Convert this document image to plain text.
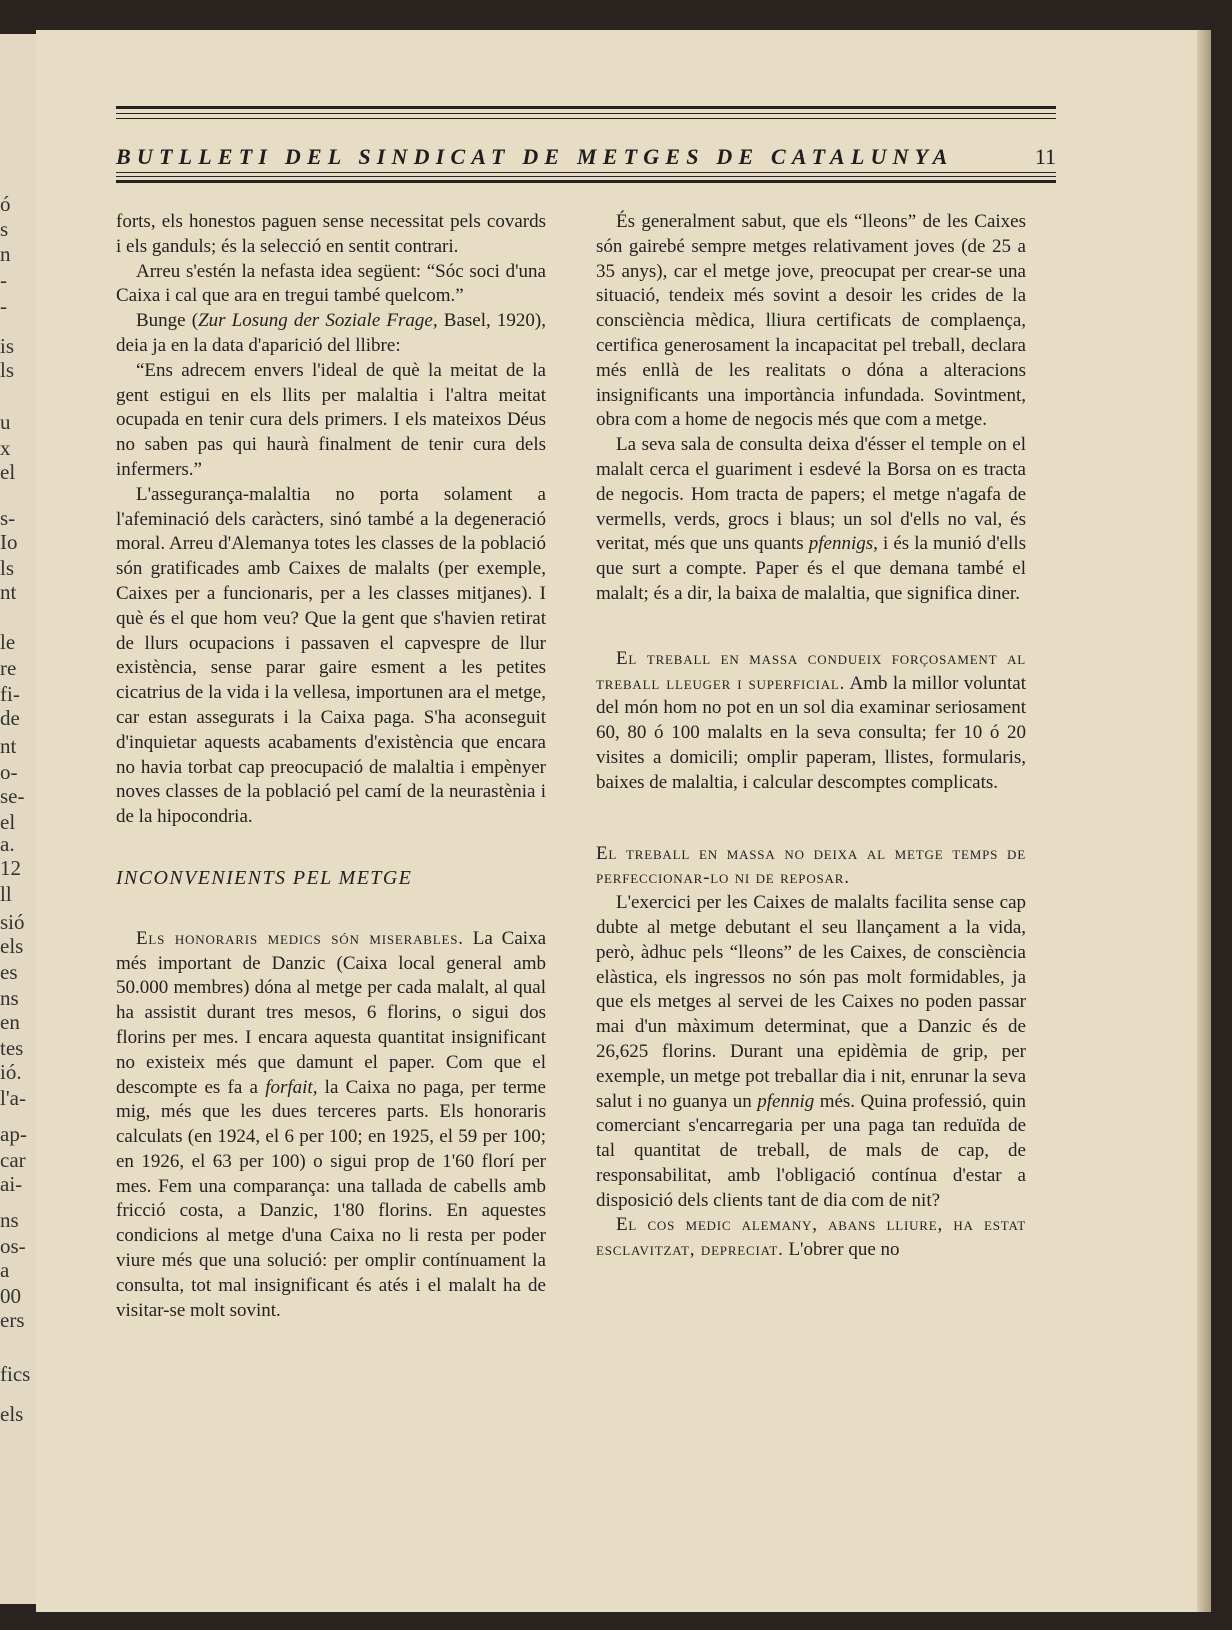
ó
s
n
-
-
is
ls
u
x
el
s-
Io
ls
nt
le
re
fi-
de
nt
o-
se-
el
a.
12
ll
sió
els
es
ns
en
tes
ió.
l'a-
ap-
car
ai-
ns
os-
a
00
ers
fics
els
BUTLLETI DEL SINDICAT DE METGES DE CATALUNYA	11

forts, els honestos paguen sense necessitat pels covards i els ganduls; és la selecció en sentit contrari.

Arreu s'estén la nefasta idea següent: “Sóc soci d'una Caixa i cal que ara en tregui també quelcom.”

Bunge (Zur Losung der Soziale Frage, Basel, 1920), deia ja en la data d'aparició del llibre:

“Ens adrecem envers l'ideal de què la meitat de la gent estigui en els llits per malaltia i l'altra meitat ocupada en tenir cura dels primers. I els mateixos Déus no saben pas qui haurà finalment de tenir cura dels infermers.”

L'assegurança-malaltia no porta solament a l'afeminació dels caràcters, sinó també a la degeneració moral. Arreu d'Alemanya totes les classes de la població són gratificades amb Caixes de malalts (per exemple, Caixes per a funcionaris, per a les classes mitjanes). I què és el que hom veu? Que la gent que s'havien retirat de llurs ocupacions i passaven el capvespre de llur existència, sense parar gaire esment a les petites cicatrius de la vida i la vellesa, importunen ara el metge, car estan assegurats i la Caixa paga. S'ha aconseguit d'inquietar aquests acabaments d'existència que encara no havia torbat cap preocupació de malaltia i empènyer noves classes de la població pel camí de la neurastènia i de la hipocondria.

INCONVENIENTS PEL METGE

Els honoraris medics són miserables. La Caixa més important de Danzic (Caixa local general amb 50.000 membres) dóna al metge per cada malalt, al qual ha assistit durant tres mesos, 6 florins, o sigui dos florins per mes. I encara aquesta quantitat insignificant no existeix més que damunt el paper. Com que el descompte es fa a forfait, la Caixa no paga, per terme mig, més que les dues terceres parts. Els honoraris calculats (en 1924, el 6 per 100; en 1925, el 59 per 100; en 1926, el 63 per 100) o sigui prop de 1'60 florí per mes. Fem una comparança: una tallada de cabells amb fricció costa, a Danzic, 1'80 florins. En aquestes condicions al metge d'una Caixa no li resta per poder viure més que una solució: per omplir contínuament la consulta, tot mal insignificant és atés i el malalt ha de visitar-se molt sovint.

És generalment sabut, que els “lleons” de les Caixes són gairebé sempre metges relativament joves (de 25 a 35 anys), car el metge jove, preocupat per crear-se una situació, tendeix més sovint a desoir les crides de la consciència mèdica, lliura certificats de complaença, certifica generosament la incapacitat pel treball, declara més enllà de les realitats o dóna a alteracions insignificants una importància infundada. Sovintment, obra com a home de negocis més que com a metge.

La seva sala de consulta deixa d'ésser el temple on el malalt cerca el guariment i esdevé la Borsa on es tracta de negocis. Hom tracta de papers; el metge n'agafa de vermells, verds, grocs i blaus; un sol d'ells no val, és veritat, més que uns quants pfennigs, i és la munió d'ells que surt a compte. Paper és el que demana també el malalt; és a dir, la baixa de malaltia, que significa diner.

El treball en massa condueix forçosament al treball lleuger i superficial. Amb la millor voluntat del món hom no pot en un sol dia examinar seriosament 60, 80 ó 100 malalts en la seva consulta; fer 10 ó 20 visites a domicili; omplir paperam, llistes, formularis, baixes de malaltia, i calcular descomptes complicats.

El treball en massa no deixa al metge temps de perfeccionar-lo ni de reposar.

L'exercici per les Caixes de malalts facilita sense cap dubte al metge debutant el seu llançament a la vida, però, àdhuc pels “lleons” de les Caixes, de consciència elàstica, els ingressos no són pas molt formidables, ja que els metges al servei de les Caixes no poden passar mai d'un màximum determinat, que a Danzic és de 26,625 florins. Durant una epidèmia de grip, per exemple, un metge pot treballar dia i nit, enrunar la seva salut i no guanya un pfennig més. Quina professió, quin comerciant s'encarregaria per una paga tan reduïda de tal quantitat de treball, de mals de cap, de responsabilitat, amb l'obligació contínua d'estar a disposició dels clients tant de dia com de nit?

El cos medic alemany, abans lliure, ha estat esclavitzat, depreciat. L'obrer que no
